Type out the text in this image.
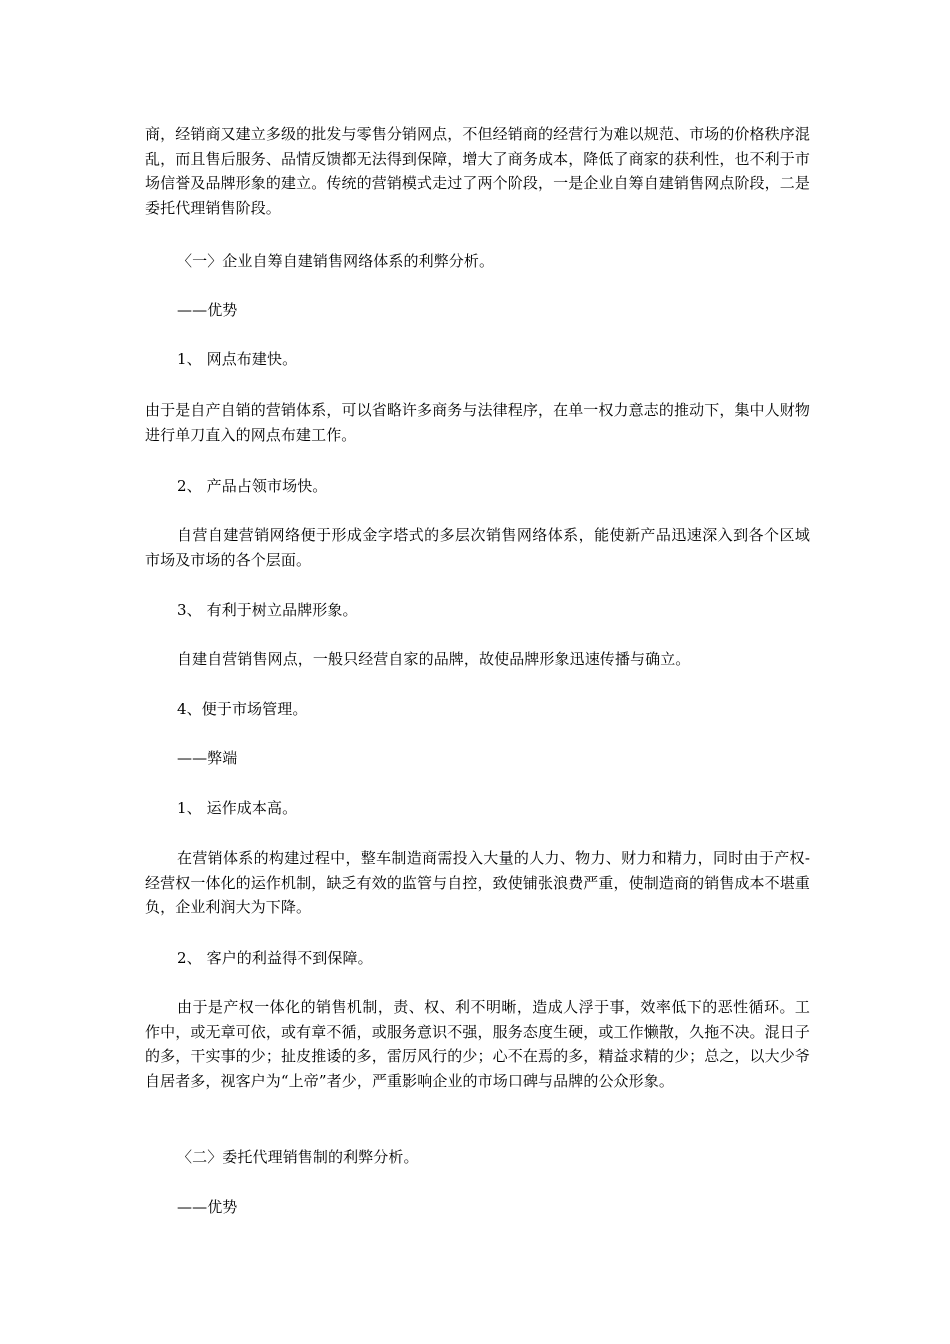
商，经销商又建立多级的批发与零售分销网点，不但经销商的经营行为难以规范、市场的价格秩序混乱，而且售后服务、品情反馈都无法得到保障，增大了商务成本，降低了商家的获利性，也不利于市场信誉及品牌形象的建立。传统的营销模式走过了两个阶段，一是企业自筹自建销售网点阶段，二是委托代理销售阶段。

〈一〉企业自筹自建销售网络体系的利弊分析。

——优势

1、 网点布建快。

由于是自产自销的营销体系，可以省略许多商务与法律程序，在单一权力意志的推动下，集中人财物进行单刀直入的网点布建工作。

2、 产品占领市场快。

自营自建营销网络便于形成金字塔式的多层次销售网络体系，能使新产品迅速深入到各个区域市场及市场的各个层面。

3、 有利于树立品牌形象。

自建自营销售网点，一般只经营自家的品牌，故使品牌形象迅速传播与确立。

4、便于市场管理。

——弊端

1、 运作成本高。

在营销体系的构建过程中，整车制造商需投入大量的人力、物力、财力和精力，同时由于产权-经营权一体化的运作机制，缺乏有效的监管与自控，致使铺张浪费严重，使制造商的销售成本不堪重负，企业利润大为下降。

2、 客户的利益得不到保障。

由于是产权一体化的销售机制，责、权、利不明晰，造成人浮于事，效率低下的恶性循环。工作中，或无章可依，或有章不循，或服务意识不强，服务态度生硬，或工作懒散，久拖不决。混日子的多，干实事的少；扯皮推诿的多，雷厉风行的少；心不在焉的多，精益求精的少；总之，以大少爷自居者多，视客户为“上帝”者少，严重影响企业的市场口碑与品牌的公众形象。

〈二〉委托代理销售制的利弊分析。

——优势
